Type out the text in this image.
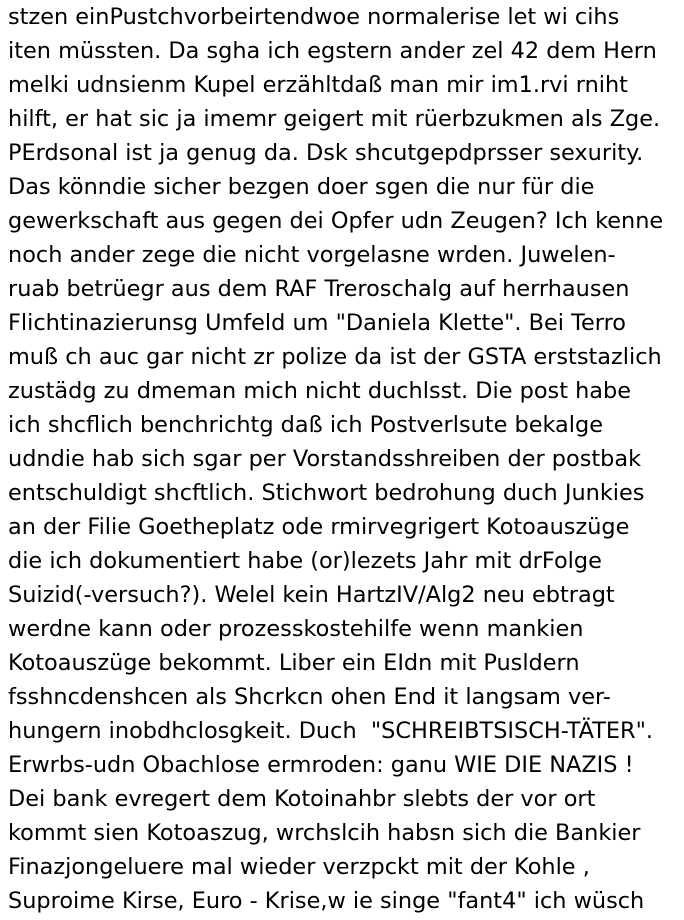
stzen einPustchvorbeirtendwoe normalerise let wi cihs
iten müssten. Da sgha ich egstern ander zel 42 dem Hern
melki udnsienm Kupel erzähltdaß man mir im1.rvi rniht
hilft, er hat sic ja imemr geigert mit rüerbzukmen als Zge.
PErdsonal ist ja genug da. Dsk shcutgepdprsser sexurity.
Das könndie sicher bezgen doer sgen die nur für die
gewerkschaft aus gegen dei Opfer udn Zeugen? Ich kenne
noch ander zege die nicht vorgelasne wrden. Juwelen-
ruab betrüegr aus dem RAF Treroschalg auf herrhausen
Flichtinazierunsg Umfeld um "Daniela Klette". Bei Terro
muß ch auc gar nicht zr polize da ist der GSTA erststazlich
zustädg zu dmeman mich nicht duchlsst. Die post habe
ich shcflich benchrichtg daß ich Postverlsute bekalge
udndie hab sich sgar per Vorstandsshreiben der postbak
entschuldigt shcftlich. Stichwort bedrohung duch Junkies
an der Filie Goetheplatz ode rmirvegrigert Kotoauszüge
die ich dokumentiert habe (or)lezets Jahr mit drFolge
Suizid(-versuch?). Welel kein HartzIV/Alg2 neu ebtragt
werdne kann oder prozesskostehilfe wenn mankien
Kotoauszüge bekommt. Liber ein EIdn mit Pusldern
fsshncdenshcen als Shcrkcn ohen End it langsam ver-
hungern inobdhclosgkeit. Duch  "SCHREIBTSISCH-TÄTER".
Erwrbs-udn Obachlose ermroden: ganu WIE DIE NAZIS !
Dei bank evregert dem Kotoinahbr slebts der vor ort
kommt sien Kotoaszug, wrchslcih habsn sich die Bankier
Finazjongeluere mal wieder verzpckt mit der Kohle ,
Suproime Kirse, Euro - Krise,w ie singe "fant4" ich wüsch
